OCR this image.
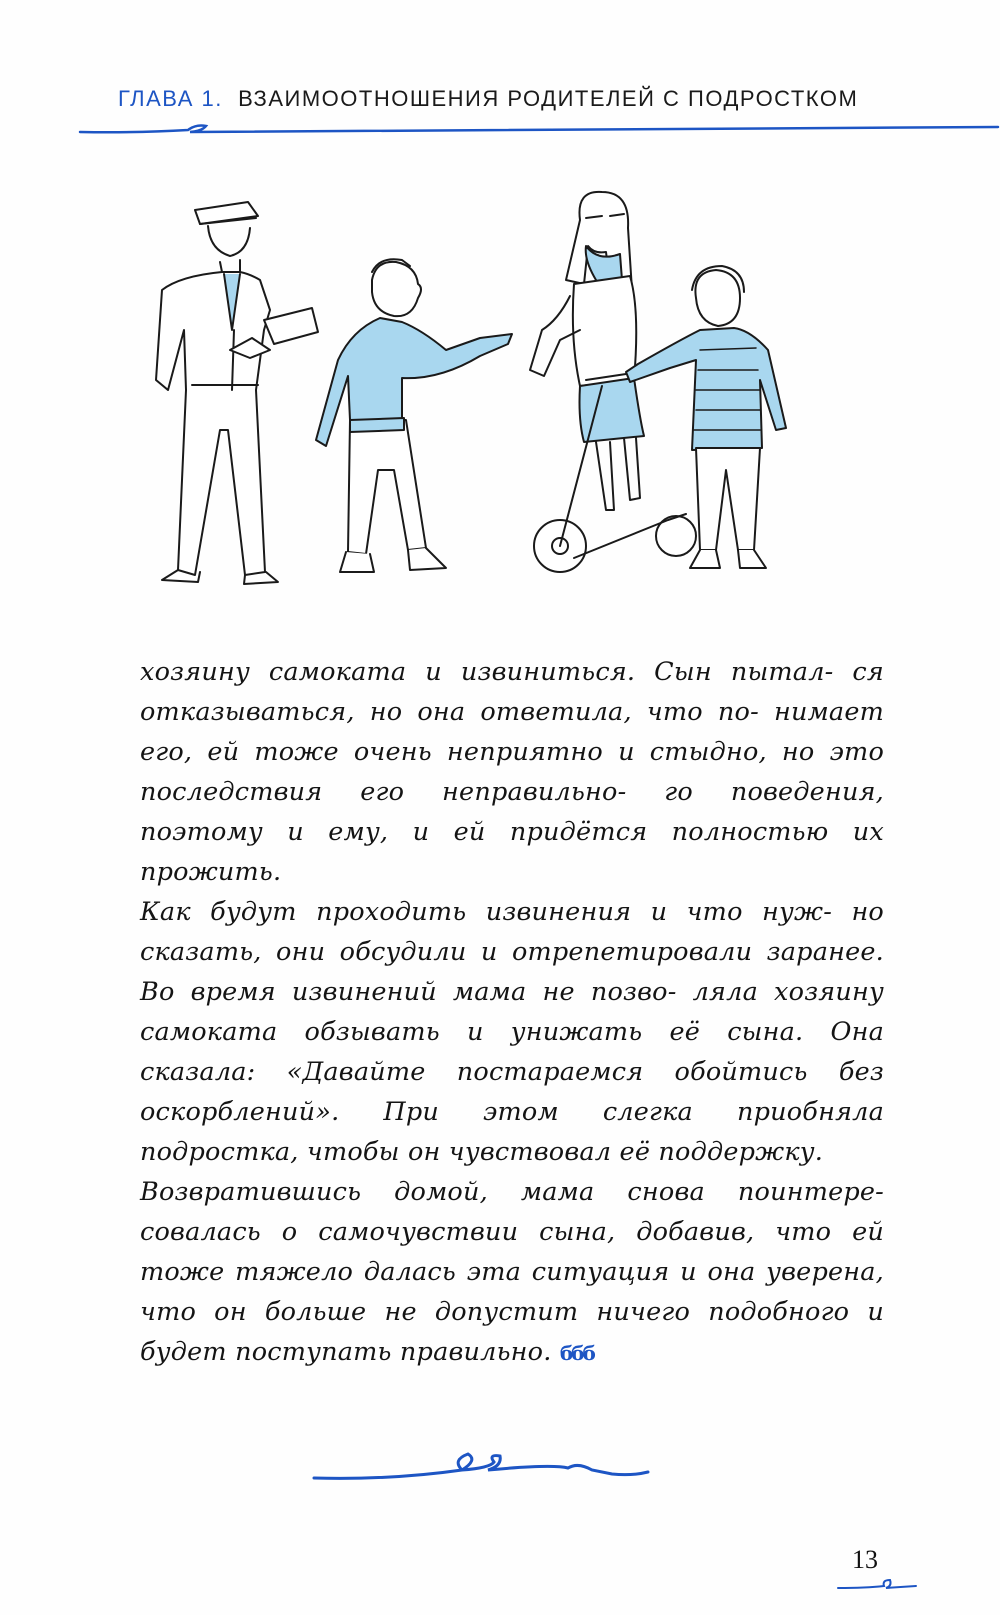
ГЛАВА 1. ВЗАИМООТНОШЕНИЯ РОДИТЕЛЕЙ С ПОДРОСТКОМ

хозяину самоката и извиниться. Сын пытал- ся отказываться, но она ответила, что по- нимает его, ей тоже очень неприятно и стыдно, но это последствия его неправильно- го поведения, поэтому и ему, и ей придётся полностью их прожить.

Как будут проходить извинения и что нуж- но сказать, они обсудили и отрепетировали заранее. Во время извинений мама не позво- ляла хозяину самоката обзывать и унижать её сына. Она сказала: «Давайте постараемся обойтись без оскорблений». При этом слегка приобняла подростка, чтобы он чувствовал её поддержку.

Возвратившись домой, мама снова поинтере- совалась о самочувствии сына, добавив, что ей тоже тяжело далась эта ситуация и она уверена, что он больше не допустит ничего подобного и будет поступать правильно. ббб

13
